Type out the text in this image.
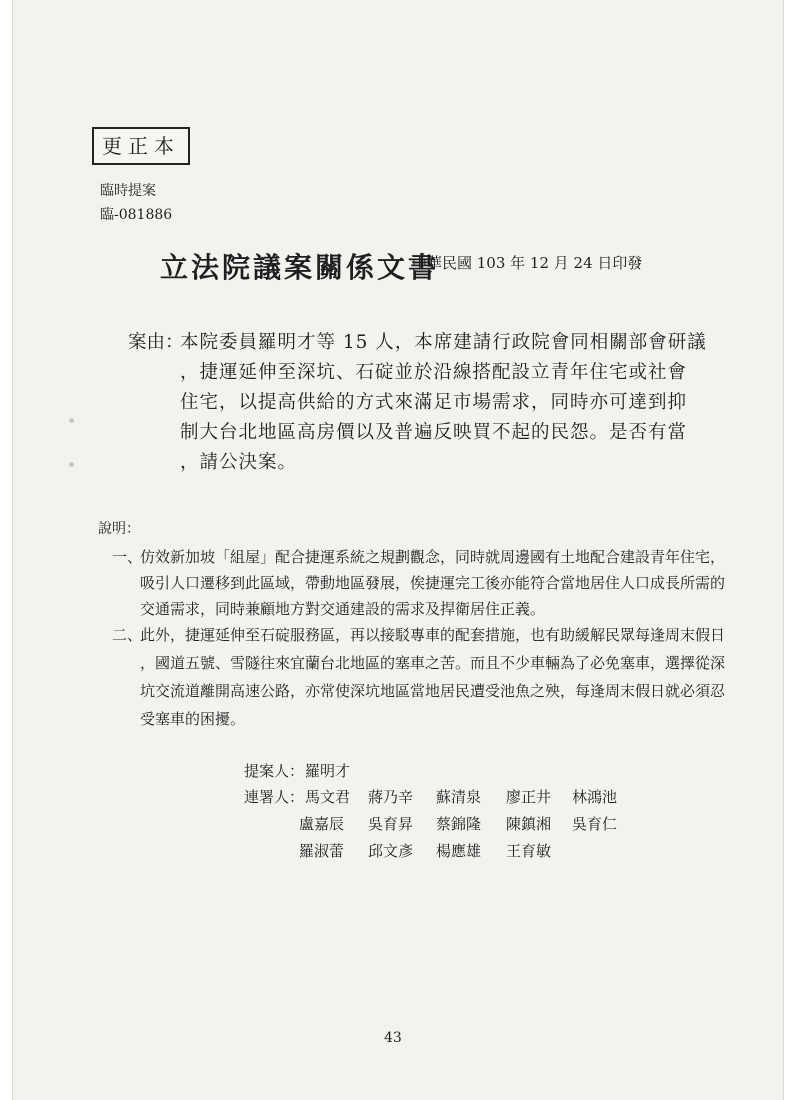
更正本
臨時提案
臨-081886
立法院議案關係文書
中華民國 103 年 12 月 24 日印發
案由：
本院委員羅明才等 15 人，本席建請行政院會同相關部會研議
，捷運延伸至深坑、石碇並於沿線搭配設立青年住宅或社會
住宅，以提高供給的方式來滿足市場需求，同時亦可達到抑
制大台北地區高房價以及普遍反映買不起的民怨。是否有當
，請公決案。
說明：
一、
仿效新加坡「組屋」配合捷運系統之規劃觀念，同時就周邊國有土地配合建設青年住宅，
吸引人口遷移到此區域，帶動地區發展，俟捷運完工後亦能符合當地居住人口成長所需的
交通需求，同時兼顧地方對交通建設的需求及捍衛居住正義。
二、
此外，捷運延伸至石碇服務區，再以接駁專車的配套措施，也有助緩解民眾每逢周末假日
，國道五號、雪隧往來宜蘭台北地區的塞車之苦。而且不少車輛為了必免塞車，選擇從深
坑交流道離開高速公路，亦常使深坑地區當地居民遭受池魚之殃，每逢周末假日就必須忍
受塞車的困擾。
提案人： 羅明才
連署人： 馬文君 蔣乃辛 蘇清泉 廖正井 林鴻池
盧嘉辰 吳育昇 蔡錦隆 陳鎮湘 吳育仁
羅淑蕾 邱文彥 楊應雄 王育敏
43
